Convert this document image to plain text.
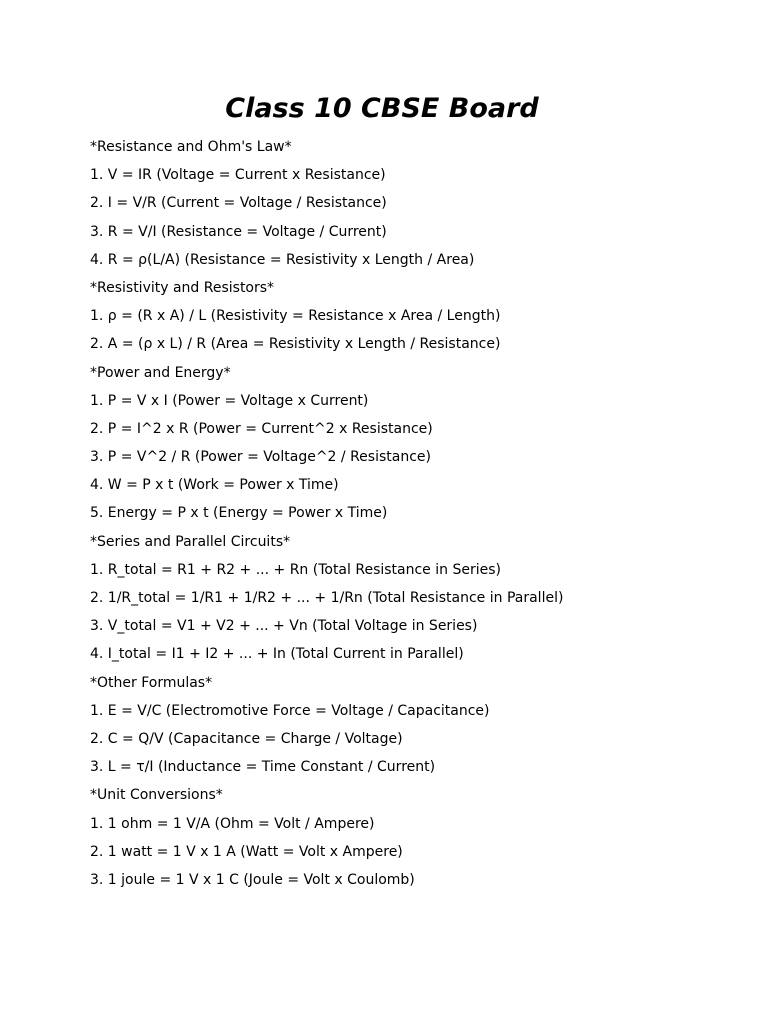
Class 10 CBSE Board
*Resistance and Ohm's Law*
1. V = IR (Voltage = Current x Resistance)
2. I = V/R (Current = Voltage / Resistance)
3. R = V/I (Resistance = Voltage / Current)
4. R = ρ(L/A) (Resistance = Resistivity x Length / Area)
*Resistivity and Resistors*
1. ρ = (R x A) / L (Resistivity = Resistance x Area / Length)
2. A = (ρ x L) / R (Area = Resistivity x Length / Resistance)
*Power and Energy*
1. P = V x I (Power = Voltage x Current)
2. P = I^2 x R (Power = Current^2 x Resistance)
3. P = V^2 / R (Power = Voltage^2 / Resistance)
4. W = P x t (Work = Power x Time)
5. Energy = P x t (Energy = Power x Time)
*Series and Parallel Circuits*
1. R_total = R1 + R2 + ... + Rn (Total Resistance in Series)
2. 1/R_total = 1/R1 + 1/R2 + ... + 1/Rn (Total Resistance in Parallel)
3. V_total = V1 + V2 + ... + Vn (Total Voltage in Series)
4. I_total = I1 + I2 + ... + In (Total Current in Parallel)
*Other Formulas*
1. E = V/C (Electromotive Force = Voltage / Capacitance)
2. C = Q/V (Capacitance = Charge / Voltage)
3. L = τ/I (Inductance = Time Constant / Current)
*Unit Conversions*
1. 1 ohm = 1 V/A (Ohm = Volt / Ampere)
2. 1 watt = 1 V x 1 A (Watt = Volt x Ampere)
3. 1 joule = 1 V x 1 C (Joule = Volt x Coulomb)
